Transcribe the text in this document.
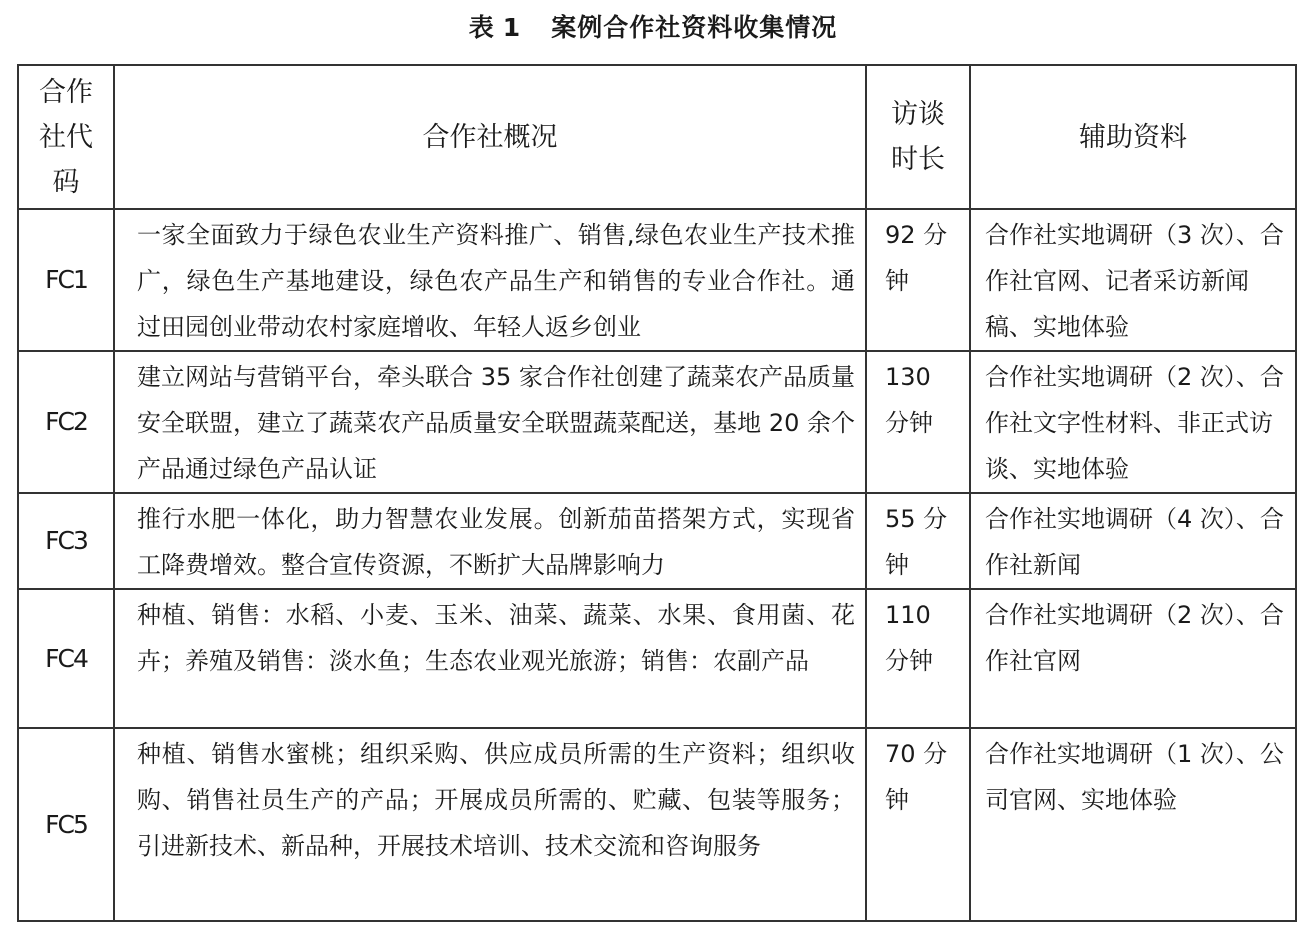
表 1 案例合作社资料收集情况
合作社代码	合作社概况	访谈时长	辅助资料
FC1	一家全面致力于绿色农业生产资料推广、销售,绿色农业生产技术推广，绿色生产基地建设，绿色农产品生产和销售的专业合作社。通过田园创业带动农村家庭增收、年轻人返乡创业	92 分钟	合作社实地调研（3 次）、合作社官网、记者采访新闻稿、实地体验
FC2	建立网站与营销平台，牵头联合 35 家合作社创建了蔬菜农产品质量安全联盟，建立了蔬菜农产品质量安全联盟蔬菜配送，基地 20 余个产品通过绿色产品认证	130 分钟	合作社实地调研（2 次）、合作社文字性材料、非正式访谈、实地体验
FC3	推行水肥一体化，助力智慧农业发展。创新茄苗搭架方式，实现省工降费增效。整合宣传资源，不断扩大品牌影响力	55 分钟	合作社实地调研（4 次）、合作社新闻
FC4	种植、销售：水稻、小麦、玉米、油菜、蔬菜、水果、食用菌、花卉；养殖及销售：淡水鱼；生态农业观光旅游；销售：农副产品	110 分钟	合作社实地调研（2 次）、合作社官网
FC5	种植、销售水蜜桃；组织采购、供应成员所需的生产资料；组织收购、销售社员生产的产品；开展成员所需的、贮藏、包装等服务；引进新技术、新品种，开展技术培训、技术交流和咨询服务	70 分钟	合作社实地调研（1 次）、公司官网、实地体验
